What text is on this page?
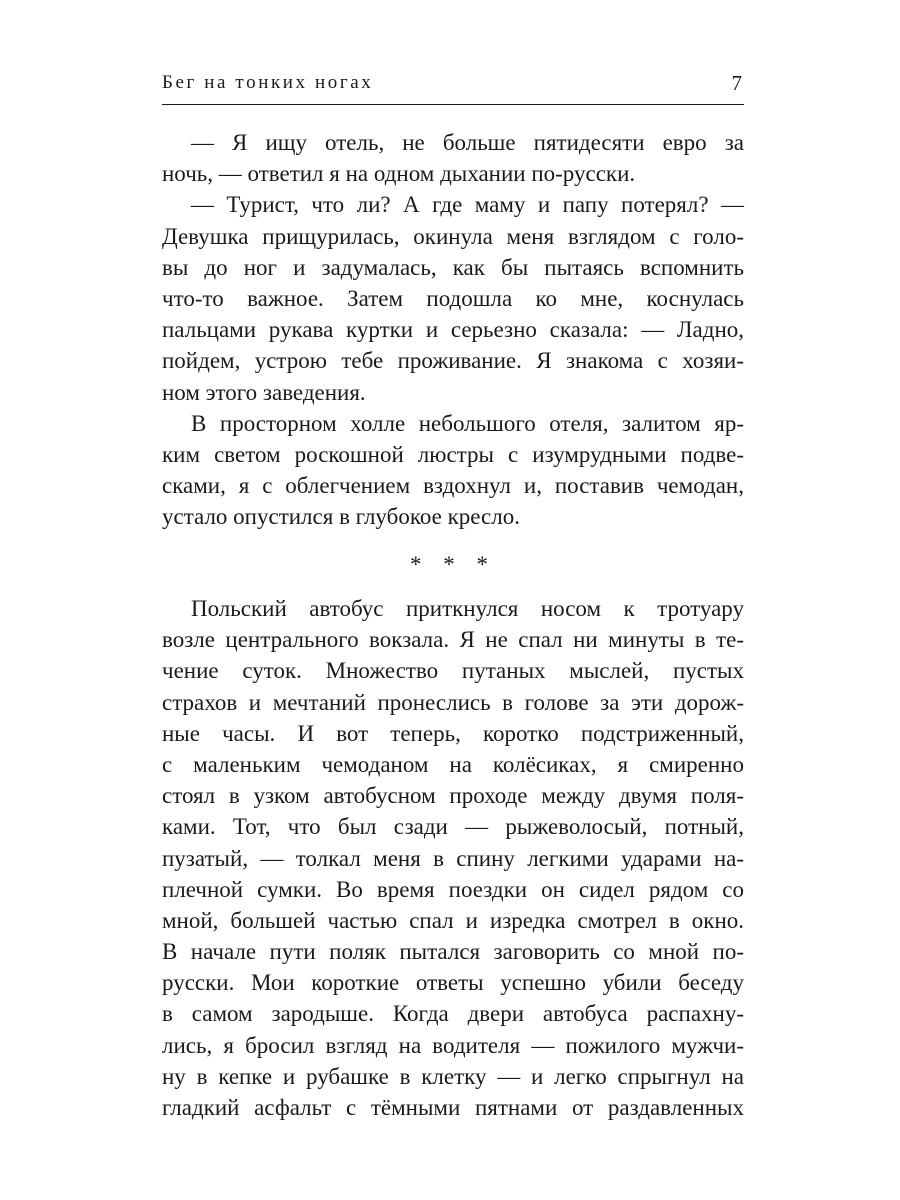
Бег на тонких ногах	7
— Я ищу отель, не больше пятидесяти евро за
ночь, — ответил я на одном дыхании по-русски.
— Турист, что ли? А где маму и папу потерял? —
Девушка прищурилась, окинула меня взглядом с голо-
вы до ног и задумалась, как бы пытаясь вспомнить
что-то важное. Затем подошла ко мне, коснулась
пальцами рукава куртки и серьезно сказала: — Ладно,
пойдем, устрою тебе проживание. Я знакома с хозяи-
ном этого заведения.
В просторном холле небольшого отеля, залитом яр-
ким светом роскошной люстры с изумрудными подве-
сками, я с облегчением вздохнул и, поставив чемодан,
устало опустился в глубокое кресло.
* * *
Польский автобус приткнулся носом к тротуару
возле центрального вокзала. Я не спал ни минуты в те-
чение суток. Множество путаных мыслей, пустых
страхов и мечтаний пронеслись в голове за эти дорож-
ные часы. И вот теперь, коротко подстриженный,
с маленьким чемоданом на колёсиках, я смиренно
стоял в узком автобусном проходе между двумя поля-
ками. Тот, что был сзади — рыжеволосый, потный,
пузатый, — толкал меня в спину легкими ударами на-
плечной сумки. Во время поездки он сидел рядом со
мной, большей частью спал и изредка смотрел в окно.
В начале пути поляк пытался заговорить со мной по-
русски. Мои короткие ответы успешно убили беседу
в самом зародыше. Когда двери автобуса распахну-
лись, я бросил взгляд на водителя — пожилого мужчи-
ну в кепке и рубашке в клетку — и легко спрыгнул на
гладкий асфальт с тёмными пятнами от раздавленных
